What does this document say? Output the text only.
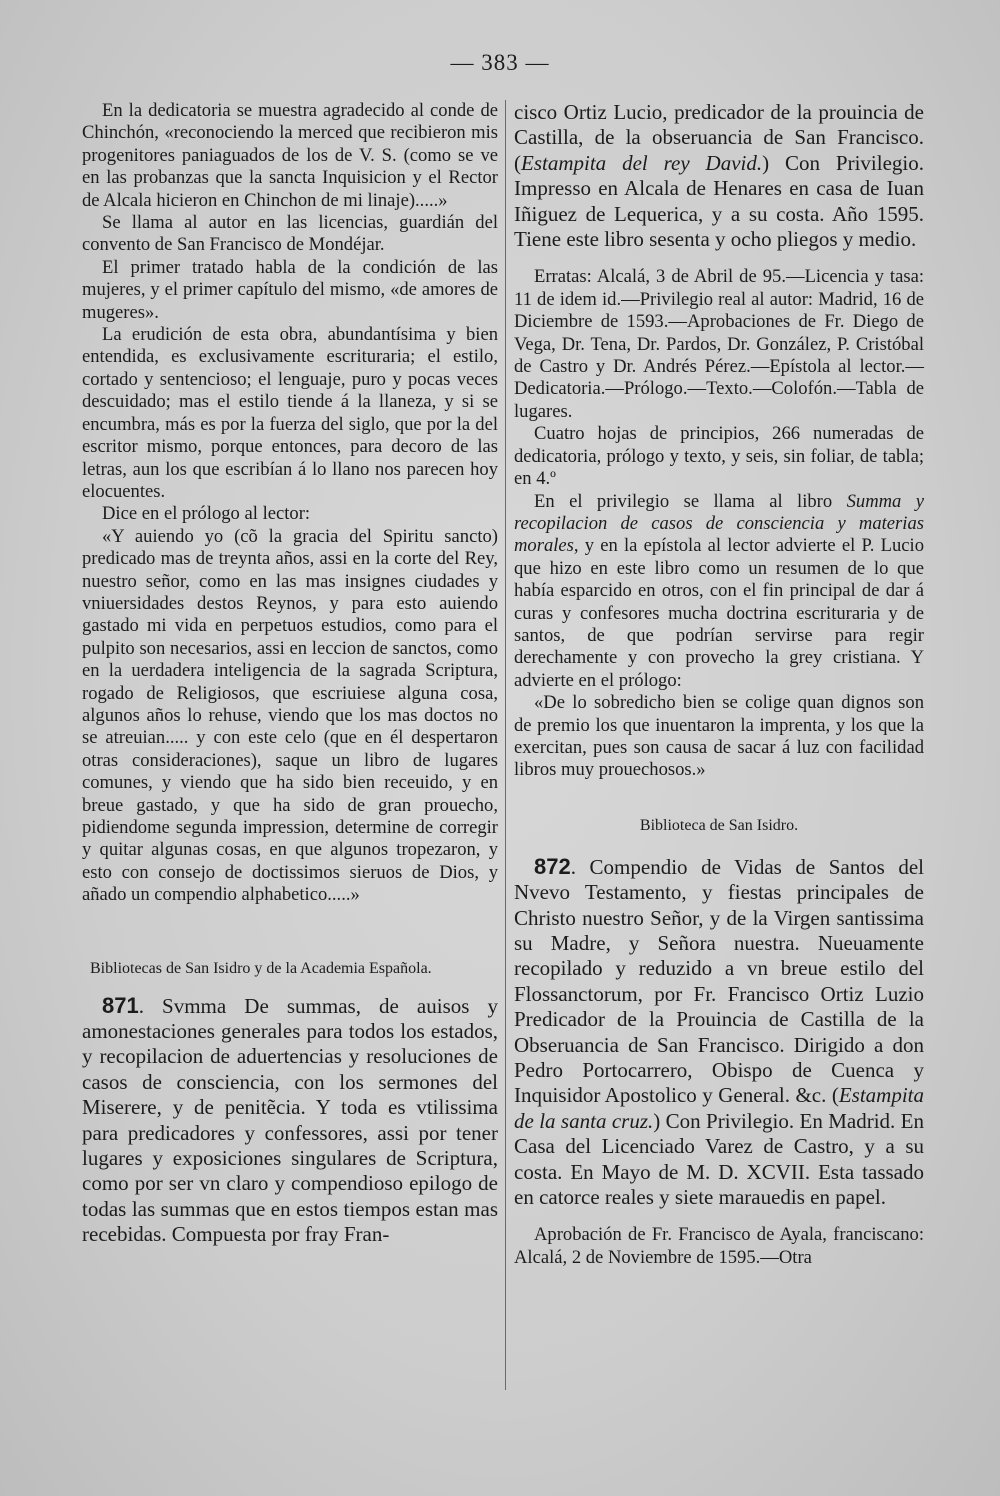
— 383 —

En la dedicatoria se muestra agradecido al conde de Chinchón, «reconociendo la merced que recibieron mis progenitores paniaguados de los de V. S. (como se ve en las probanzas que la sancta Inquisicion y el Rector de Alcala hicieron en Chinchon de mi linaje).....»

Se llama al autor en las licencias, guardián del convento de San Francisco de Mondéjar.

El primer tratado habla de la condición de las mujeres, y el primer capítulo del mismo, «de amores de mugeres».

La erudición de esta obra, abundantísima y bien entendida, es exclusivamente escrituraria; el estilo, cortado y sentencioso; el lenguaje, puro y pocas veces descuidado; mas el estilo tiende á la llaneza, y si se encumbra, más es por la fuerza del siglo, que por la del escritor mismo, porque entonces, para decoro de las letras, aun los que escribían á lo llano nos parecen hoy elocuentes.

Dice en el prólogo al lector:

«Y auiendo yo (cõ la gracia del Spiritu sancto) predicado mas de treynta años, assi en la corte del Rey, nuestro señor, como en las mas insignes ciudades y vniuersidades destos Reynos, y para esto auiendo gastado mi vida en perpetuos estudios, como para el pulpito son necesarios, assi en leccion de sanctos, como en la uerdadera inteligencia de la sagrada Scriptura, rogado de Religiosos, que escriuiese alguna cosa, algunos años lo rehuse, viendo que los mas doctos no se atreuian..... y con este celo (que en él despertaron otras consideraciones), saque un libro de lugares comunes, y viendo que ha sido bien receuido, y en breue gastado, y que ha sido de gran prouecho, pidiendome segunda impression, determine de corregir y quitar algunas cosas, en que algunos tropezaron, y esto con consejo de doctissimos sieruos de Dios, y añado un compendio alphabetico.....»

Bibliotecas de San Isidro y de la Academia Española.

871. Svmma De summas, de auisos y amonestaciones generales para todos los estados, y recopilacion de aduertencias y resoluciones de casos de consciencia, con los sermones del Miserere, y de penitẽcia. Y toda es vtilissima para predicadores y confessores, assi por tener lugares y exposiciones singulares de Scriptura, como por ser vn claro y compendioso epilogo de todas las summas que en estos tiempos estan mas recebidas. Compuesta por fray Fran-

cisco Ortiz Lucio, predicador de la prouincia de Castilla, de la obseruancia de San Francisco. (Estampita del rey David.) Con Privilegio. Impresso en Alcala de Henares en casa de Iuan Iñiguez de Lequerica, y a su costa. Año 1595. Tiene este libro sesenta y ocho pliegos y medio.

Erratas: Alcalá, 3 de Abril de 95.—Licencia y tasa: 11 de idem id.—Privilegio real al autor: Madrid, 16 de Diciembre de 1593.—Aprobaciones de Fr. Diego de Vega, Dr. Tena, Dr. Pardos, Dr. González, P. Cristóbal de Castro y Dr. Andrés Pérez.—Epístola al lector.—Dedicatoria.—Prólogo.—Texto.—Colofón.—Tabla de lugares.

Cuatro hojas de principios, 266 numeradas de dedicatoria, prólogo y texto, y seis, sin foliar, de tabla; en 4.º

En el privilegio se llama al libro Summa y recopilacion de casos de consciencia y materias morales, y en la epístola al lector advierte el P. Lucio que hizo en este libro como un resumen de lo que había esparcido en otros, con el fin principal de dar á curas y confesores mucha doctrina escrituraria y de santos, de que podrían servirse para regir derechamente y con provecho la grey cristiana. Y advierte en el prólogo:

«De lo sobredicho bien se colige quan dignos son de premio los que inuentaron la imprenta, y los que la exercitan, pues son causa de sacar á luz con facilidad libros muy prouechosos.»

Biblioteca de San Isidro.

872. Compendio de Vidas de Santos del Nvevo Testamento, y fiestas principales de Christo nuestro Señor, y de la Virgen santissima su Madre, y Señora nuestra. Nueuamente recopilado y reduzido a vn breue estilo del Flossanctorum, por Fr. Francisco Ortiz Luzio Predicador de la Prouincia de Castilla de la Obseruancia de San Francisco. Dirigido a don Pedro Portocarrero, Obispo de Cuenca y Inquisidor Apostolico y General. &c. (Estampita de la santa cruz.) Con Privilegio. En Madrid. En Casa del Licenciado Varez de Castro, y a su costa. En Mayo de M. D. XCVII. Esta tassado en catorce reales y siete marauedis en papel.

Aprobación de Fr. Francisco de Ayala, franciscano: Alcalá, 2 de Noviembre de 1595.—Otra
